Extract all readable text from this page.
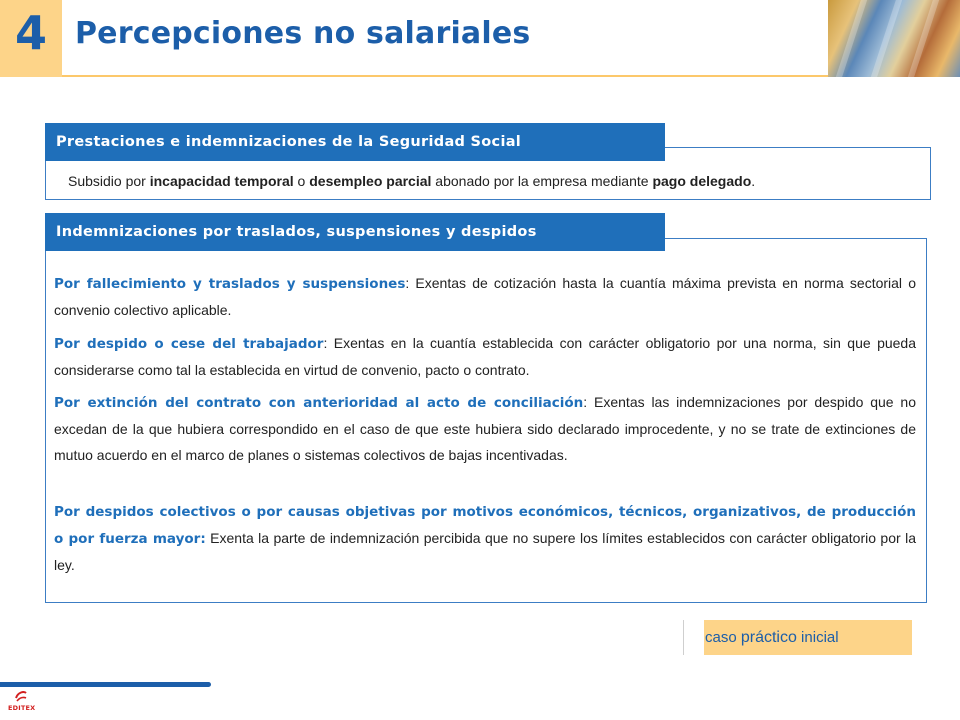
4 Percepciones no salariales
Subsidio por incapacidad temporal o desempleo parcial abonado por la empresa mediante pago delegado.
Prestaciones e indemnizaciones de la Seguridad Social
Por fallecimiento y traslados y suspensiones: Exentas de cotización hasta la cuantía máxima prevista en norma sectorial o convenio colectivo aplicable.
Por despido o cese del trabajador: Exentas en la cuantía establecida con carácter obligatorio por una norma, sin que pueda considerarse como tal la establecida en virtud de convenio, pacto o contrato.
Por extinción del contrato con anterioridad al acto de conciliación: Exentas las indemnizaciones por despido que no excedan de la que hubiera correspondido en el caso de que este hubiera sido declarado improcedente, y no se trate de extinciones de mutuo acuerdo en el marco de planes o sistemas colectivos de bajas incentivadas.
Por despidos colectivos o por causas objetivas por motivos económicos, técnicos, organizativos, de producción o por fuerza mayor: Exenta la parte de indemnización percibida que no supere los límites establecidos con carácter obligatorio por la ley.
Indemnizaciones por traslados, suspensiones y despidos
caso práctico inicial
EDITEX
